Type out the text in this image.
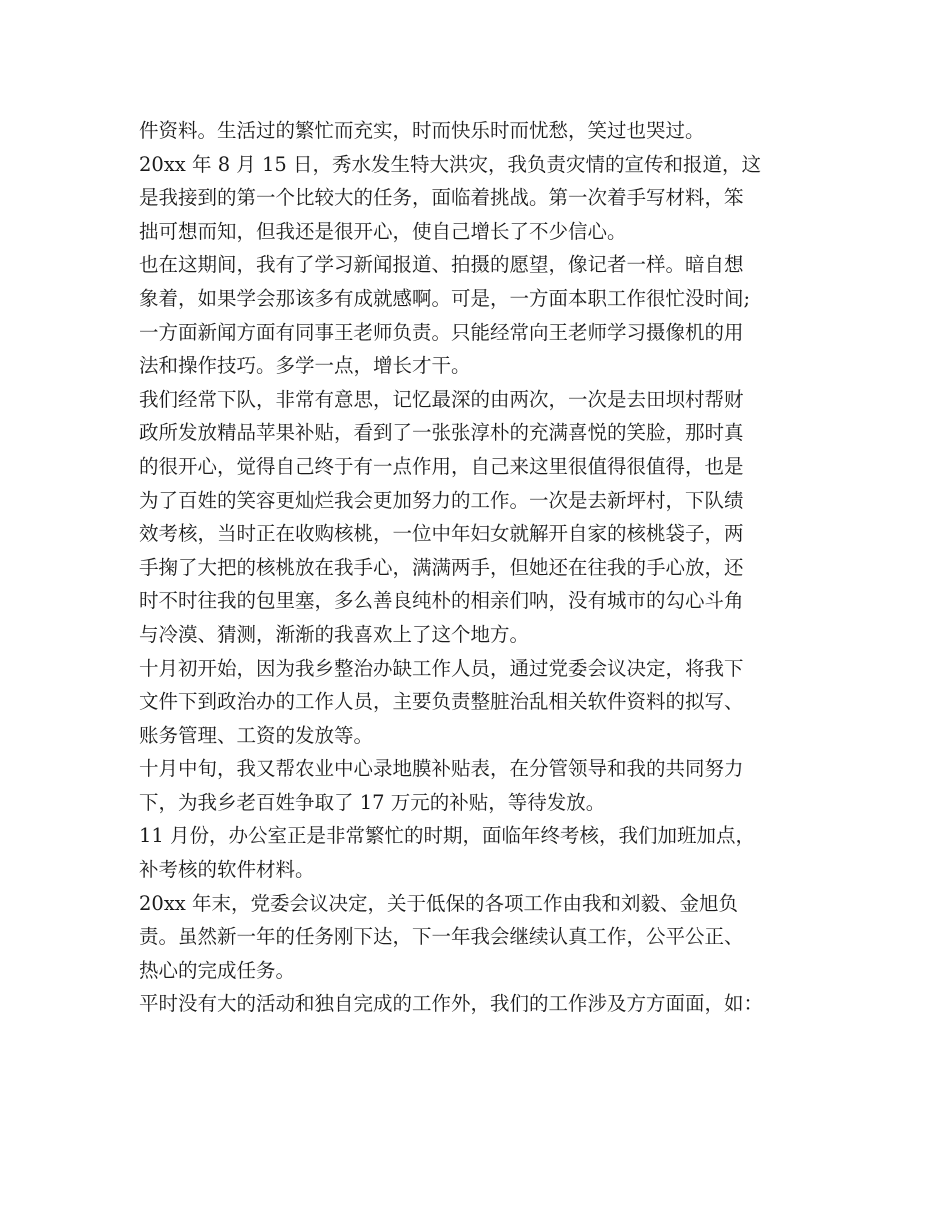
件资料。生活过的繁忙而充实，时而快乐时而忧愁，笑过也哭过。

20xx 年 8 月 15 日，秀水发生特大洪灾，我负责灾情的宣传和报道，这
是我接到的第一个比较大的任务，面临着挑战。第一次着手写材料，笨
拙可想而知，但我还是很开心，使自己增长了不少信心。

也在这期间，我有了学习新闻报道、拍摄的愿望，像记者一样。暗自想
象着，如果学会那该多有成就感啊。可是，一方面本职工作很忙没时间;
一方面新闻方面有同事王老师负责。只能经常向王老师学习摄像机的用
法和操作技巧。多学一点，增长才干。

我们经常下队，非常有意思，记忆最深的由两次，一次是去田坝村帮财
政所发放精品苹果补贴，看到了一张张淳朴的充满喜悦的笑脸，那时真
的很开心，觉得自己终于有一点作用，自己来这里很值得很值得，也是
为了百姓的笑容更灿烂我会更加努力的工作。一次是去新坪村，下队绩
效考核，当时正在收购核桃，一位中年妇女就解开自家的核桃袋子，两
手掬了大把的核桃放在我手心，满满两手，但她还在往我的手心放，还
时不时往我的包里塞，多么善良纯朴的相亲们呐，没有城市的勾心斗角
与冷漠、猜测，渐渐的我喜欢上了这个地方。

十月初开始，因为我乡整治办缺工作人员，通过党委会议决定，将我下
文件下到政治办的工作人员，主要负责整脏治乱相关软件资料的拟写、
账务管理、工资的发放等。

十月中旬，我又帮农业中心录地膜补贴表，在分管领导和我的共同努力
下，为我乡老百姓争取了 17 万元的补贴，等待发放。

11 月份，办公室正是非常繁忙的时期，面临年终考核，我们加班加点，
补考核的软件材料。

20xx 年末，党委会议决定，关于低保的各项工作由我和刘毅、金旭负
责。虽然新一年的任务刚下达，下一年我会继续认真工作，公平公正、
热心的完成任务。

平时没有大的活动和独自完成的工作外，我们的工作涉及方方面面，如：
